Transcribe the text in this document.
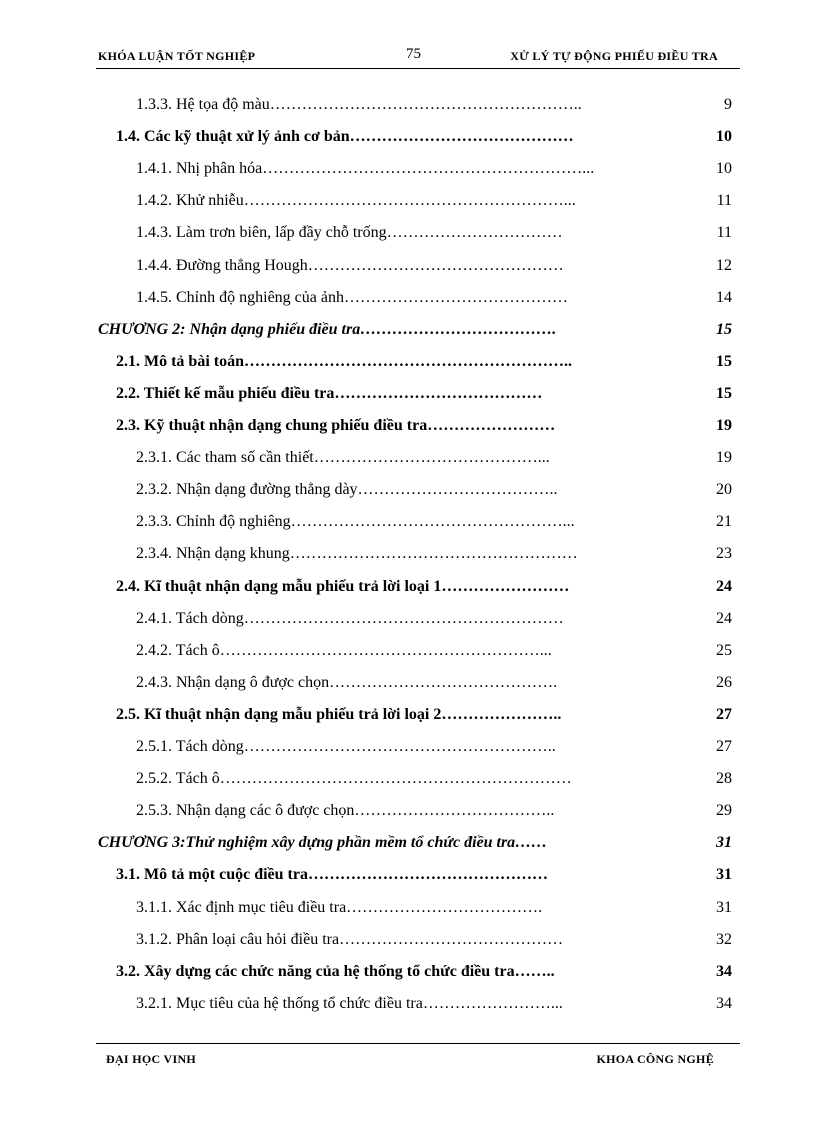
KHÓA LUẬN TỐT NGHIỆP	75	XỬ LÝ TỰ ĐỘNG PHIẾU ĐIỀU TRA
1.3.3. Hệ tọa độ màu…………………………………………………..	9
1.4. Các kỹ thuật xử lý ảnh cơ bản……………………………………	10
1.4.1. Nhị phân hóa……………………………………………………...	10
1.4.2. Khử nhiễu……………………………………………………...	11
1.4.3. Làm trơn biên, lấp đầy chỗ trống……………………………	11
1.4.4. Đường thẳng Hough…………………………………………	12
1.4.5. Chỉnh độ nghiêng của ảnh……………………………………	14
CHƯƠNG 2: Nhận dạng phiếu điều tra……………………………….	15
2.1. Mô tả bài toán……………………………………………………..	15
2.2. Thiết kế mẫu phiếu điều tra…………………………………	15
2.3. Kỹ thuật nhận dạng chung phiếu điều tra……………………	19
2.3.1. Các tham số cần thiết……………………………………...	19
2.3.2. Nhận dạng đường thẳng dày………………………………..	20
2.3.3. Chỉnh độ nghiêng……………………………………………...	21
2.3.4. Nhận dạng khung………………………………………………	23
2.4. Kĩ thuật nhận dạng mẫu phiếu trả lời loại 1……………………	24
2.4.1. Tách dòng……………………………………………………	24
2.4.2. Tách ô……………………………………………………...	25
2.4.3. Nhận dạng ô được chọn…………………………………….	26
2.5. Kĩ thuật nhận dạng mẫu phiếu trả lời loại 2…………………..	27
2.5.1. Tách dòng…………………………………………………..	27
2.5.2. Tách ô…………………………………………………………	28
2.5.3. Nhận dạng các ô được chọn………………………………..	29
CHƯƠNG 3:Thử nghiệm xây dựng phần mềm tổ chức điều tra……	31
3.1. Mô tả một cuộc điều tra………………………………………	31
3.1.1. Xác định mục tiêu điều tra……………………………….	31
3.1.2. Phân loại câu hỏi điều tra……………………………………	32
3.2. Xây dựng các chức năng của hệ thống tổ chức điều tra……..	34
3.2.1. Mục tiêu của hệ thống tổ chức điều tra……………………...	34
ĐẠI HỌC VINH	KHOA CÔNG NGHỆ
